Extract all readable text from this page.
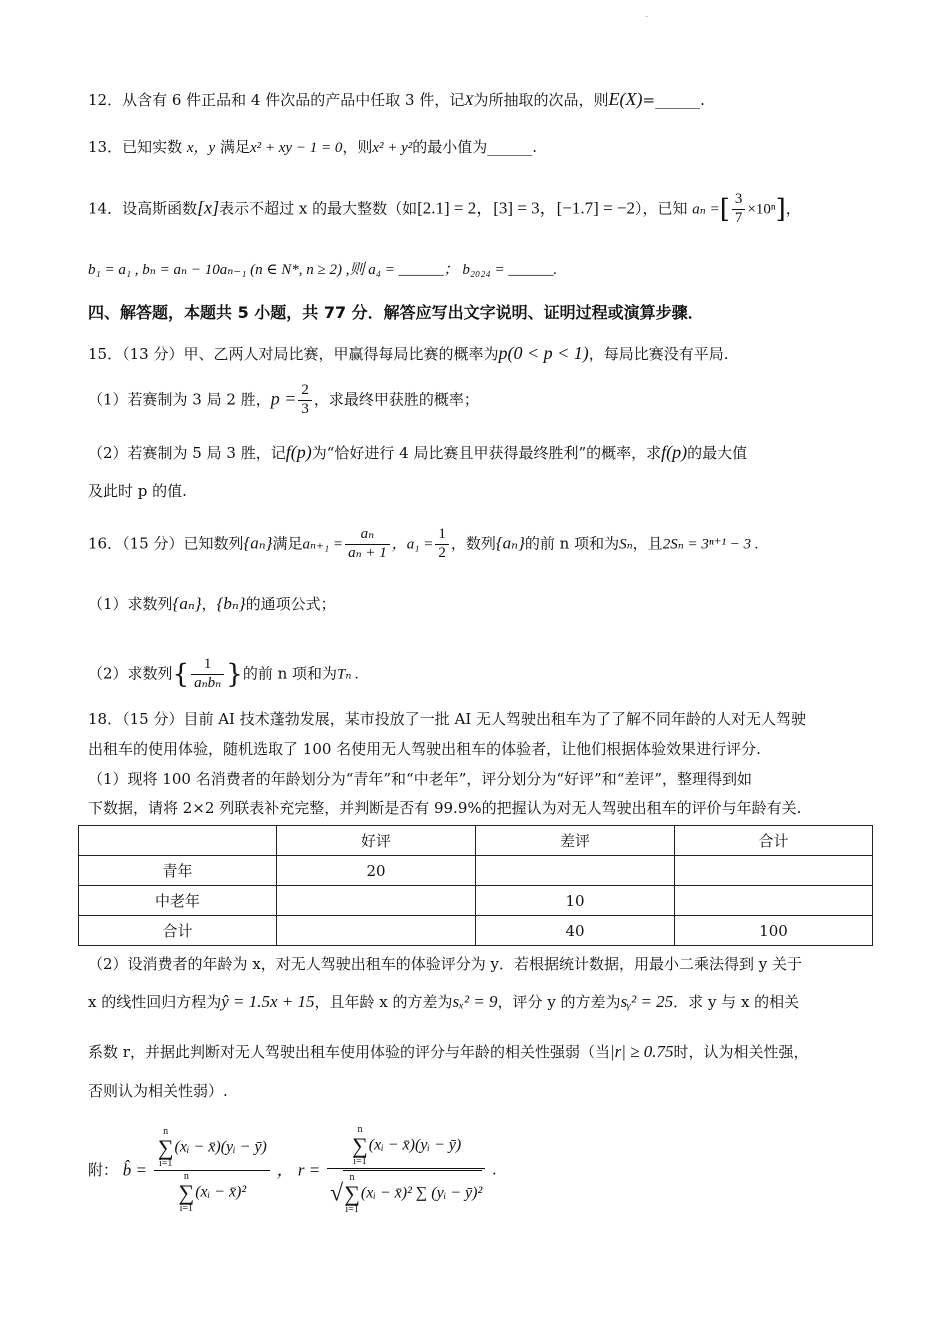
·
12．从含有 6 件正品和 4 件次品的产品中任取 3 件，记X为所抽取的次品，则E(X)=______.
13．已知实数 x，y 满足x² + xy − 1 = 0，则x² + y²的最小值为______.
14．设高斯函数[x]表示不超过 x 的最大整数（如[2.1] = 2，[3] = 3，[−1.7] = −2），已知 aₙ =[ $\frac{3}{7} \times 10^n$]，
b₁ = a₁ , bₙ = aₙ − 10aₙ₋₁ (n ∈ N*, n ≥ 2) ,则 a₄ = ______； b₂₀₂₄ = ______.
四、解答题，本题共 5 小题，共 77 分．解答应写出文字说明、证明过程或演算步骤．
15．（13 分）甲、乙两人对局比赛，甲赢得每局比赛的概率为p(0 < p < 1)，每局比赛没有平局.
（1）若赛制为 3 局 2 胜，$p = \frac{2}{3}$ ，求最终甲获胜的概率；
（2）若赛制为 5 局 3 胜，记f(p)为“恰好进行 4 局比赛且甲获得最终胜利”的概率，求f(p)的最大值
及此时 p 的值.
16．（15 分）已知数列{aₙ}满足$a_{n+1} = \frac{\text{aₙ}}{\text{aₙ + 1}}$ ，$a_1 = \frac{1}{2}$ ，数列{aₙ}的前 n 项和为Sₙ，且2Sₙ = 3ⁿ⁺¹ − 3 .
（1）求数列{aₙ}，{bₙ}的通项公式；
（2）求数列{ $\frac{1}{\text{aₙbₙ}}$ }的前 n 项和为Tₙ .
18．（15 分）目前 AI 技术蓬勃发展，某市投放了一批 AI 无人驾驶出租车为了了解不同年龄的人对无人驾驶
出租车的使用体验，随机选取了 100 名使用无人驾驶出租车的体验者，让他们根据体验效果进行评分.
（1）现将 100 名消费者的年龄划分为“青年”和“中老年”，评分划分为“好评”和“差评”，整理得到如
下数据，请将 2×2 列联表补充完整，并判断是否有 99.9%的把握认为对无人驾驶出租车的评价与年龄有关.
	好评	差评	合计
青年	20		
中老年		10	
合计		40	100
（2）设消费者的年龄为 x，对无人驾驶出租车的体验评分为 y．若根据统计数据，用最小二乘法得到 y 关于
x 的线性回归方程为ŷ = 1.5x + 15，且年龄 x 的方差为sₓ² = 9，评分 y 的方差为sᵧ² = 25．求 y 与 x 的相关
系数 r，并据此判断对无人驾驶出租车使用体验的评分与年龄的相关性强弱（当|r| ≥ 0.75时，认为相关性强，
否则认为相关性弱）.
附： b̂ = n
∑
i=1(xᵢ − x̄)(yᵢ − ȳ)
n
∑
i=1(xᵢ − x̄)² ， r = n
∑
i=1(xᵢ − x̄)(yᵢ − ȳ)
√n
∑
i=1(xᵢ − x̄)² ∑ (yᵢ − ȳ)² .
